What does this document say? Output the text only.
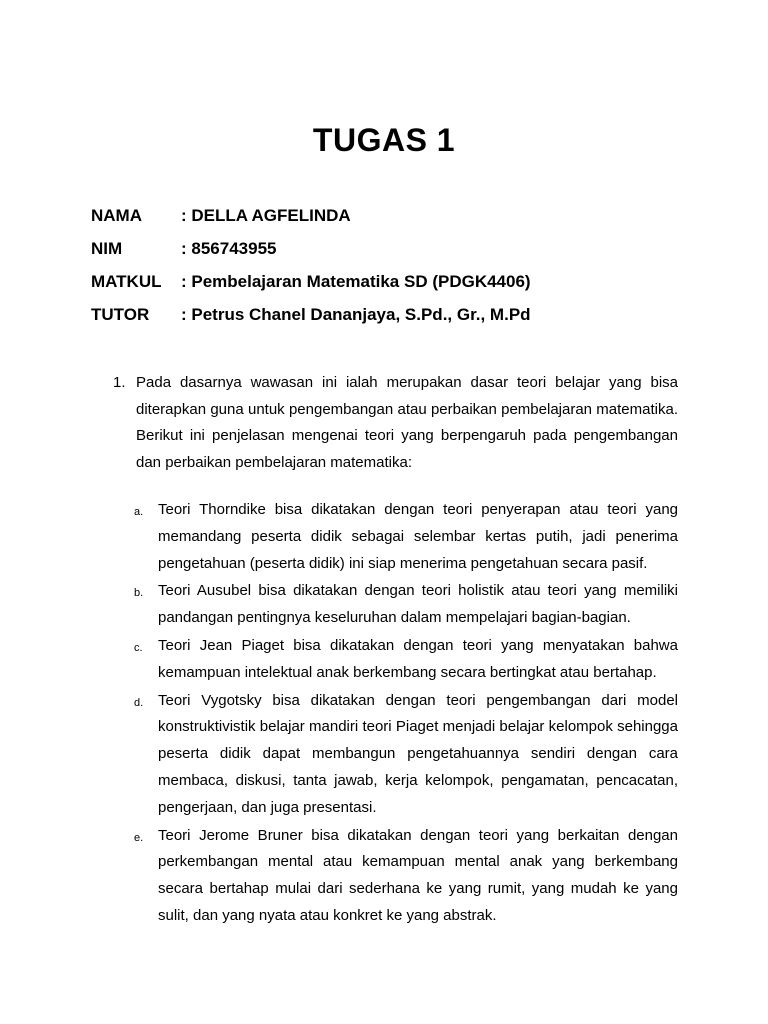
TUGAS 1
NAMA	: DELLA AGFELINDA
NIM	: 856743955
MATKUL	: Pembelajaran Matematika SD (PDGK4406)
TUTOR	: Petrus Chanel Dananjaya, S.Pd., Gr., M.Pd
1. Pada dasarnya wawasan ini ialah merupakan dasar teori belajar yang bisa diterapkan guna untuk pengembangan atau perbaikan pembelajaran matematika. Berikut ini penjelasan mengenai teori yang berpengaruh pada pengembangan dan perbaikan pembelajaran matematika:
a. Teori Thorndike bisa dikatakan dengan teori penyerapan atau teori yang memandang peserta didik sebagai selembar kertas putih, jadi penerima pengetahuan (peserta didik) ini siap menerima pengetahuan secara pasif.
b. Teori Ausubel bisa dikatakan dengan teori holistik atau teori yang memiliki pandangan pentingnya keseluruhan dalam mempelajari bagian-bagian.
c. Teori Jean Piaget bisa dikatakan dengan teori yang menyatakan bahwa kemampuan intelektual anak berkembang secara bertingkat atau bertahap.
d. Teori Vygotsky bisa dikatakan dengan teori pengembangan dari model konstruktivistik belajar mandiri teori Piaget menjadi belajar kelompok sehingga peserta didik dapat membangun pengetahuannya sendiri dengan cara membaca, diskusi, tanta jawab, kerja kelompok, pengamatan, pencacatan, pengerjaan, dan juga presentasi.
e. Teori Jerome Bruner bisa dikatakan dengan teori yang berkaitan dengan perkembangan mental atau kemampuan mental anak yang berkembang secara bertahap mulai dari sederhana ke yang rumit, yang mudah ke yang sulit, dan yang nyata atau konkret ke yang abstrak.
